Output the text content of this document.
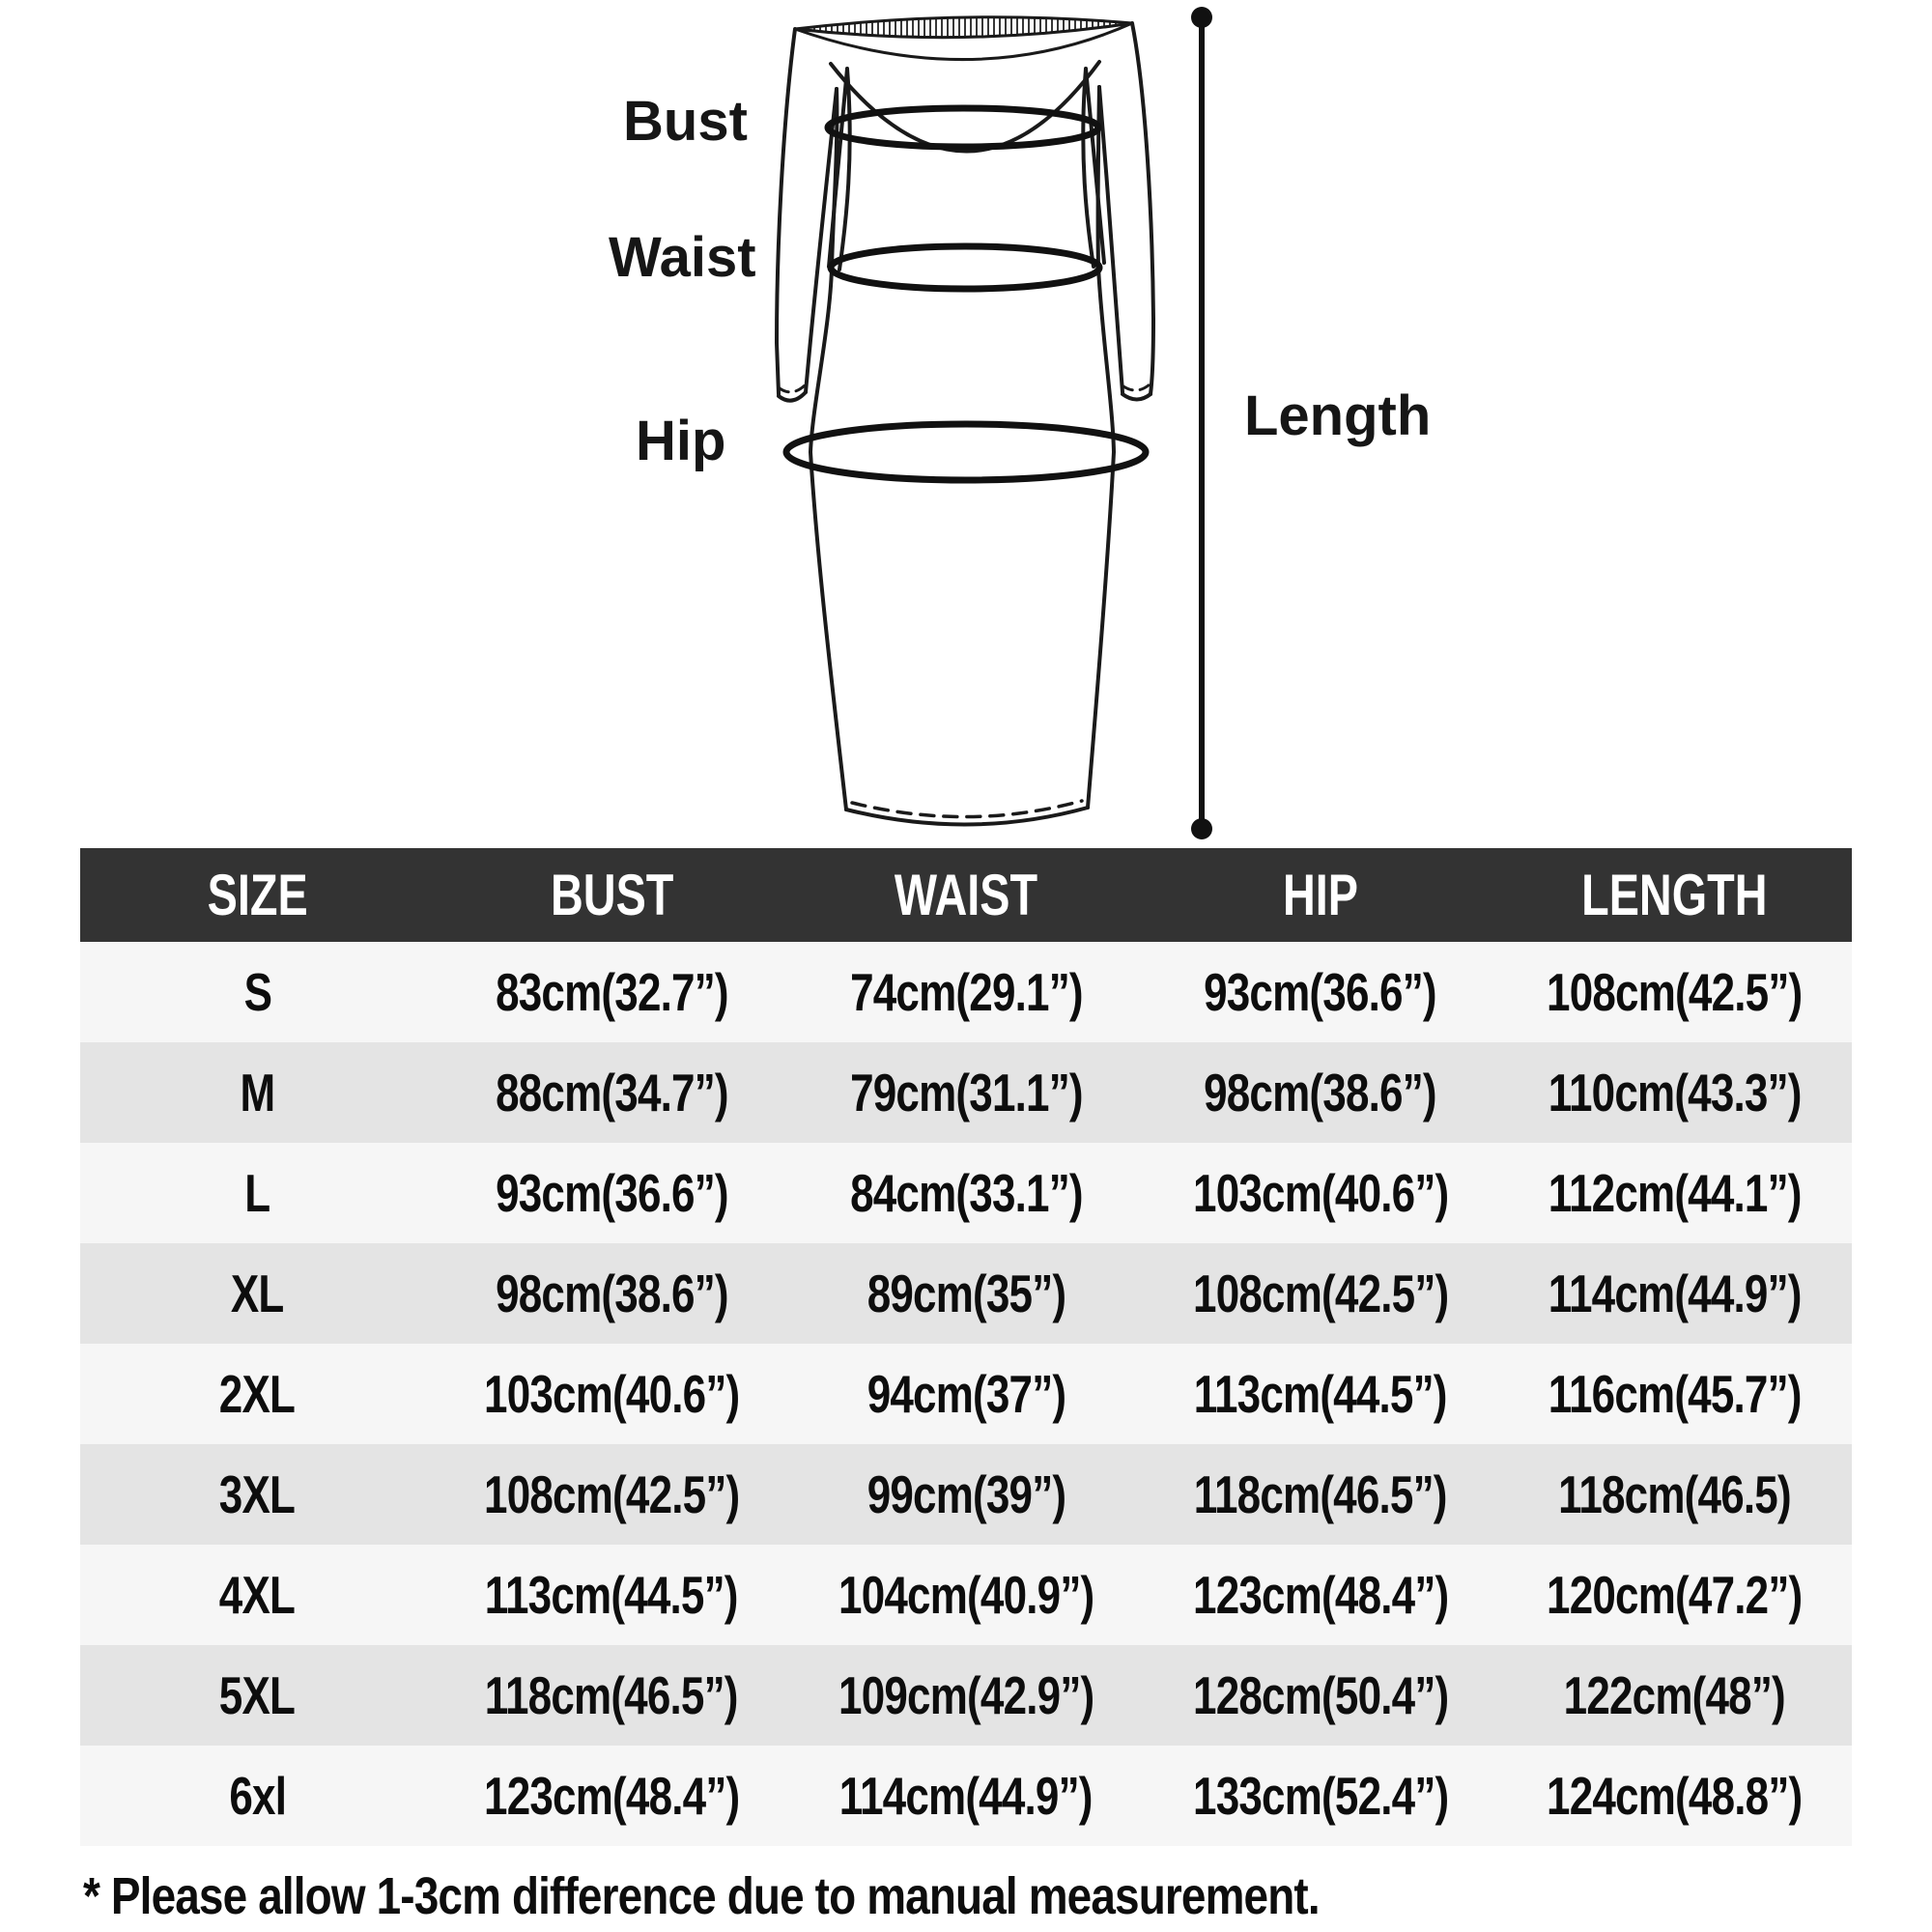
Bust
Waist
Hip	Length
SIZE	BUST	WAIST	HIP	LENGTH
S	83cm(32.7”) 74cm(29.1”) 93cm(36.6”) 108cm(42.5”)
M	88cm(34.7”) 79cm(31.1”) 98cm(38.6”) 110cm(43.3”)
L	93cm(36.6”) 84cm(33.1”) 103cm(40.6”) 112cm(44.1”)
XL	98cm(38.6”)	89cm(35”) 108cm(42.5”) 114cm(44.9”)
2XL	103cm(40.6”) 94cm(37”) 113cm(44.5”) 116cm(45.7”)
3XL	108cm(42.5”) 99cm(39”) 118cm(46.5”) 118cm(46.5)
4XL	113cm(44.5”) 104cm(40.9”) 123cm(48.4”) 120cm(47.2”)
5XL	118cm(46.5”) 109cm(42.9”) 128cm(50.4”) 122cm(48”)
6xl	123cm(48.4”) 114cm(44.9”) 133cm(52.4”) 124cm(48.8”)
* Please allow 1-3cm difference due to manual measurement.
